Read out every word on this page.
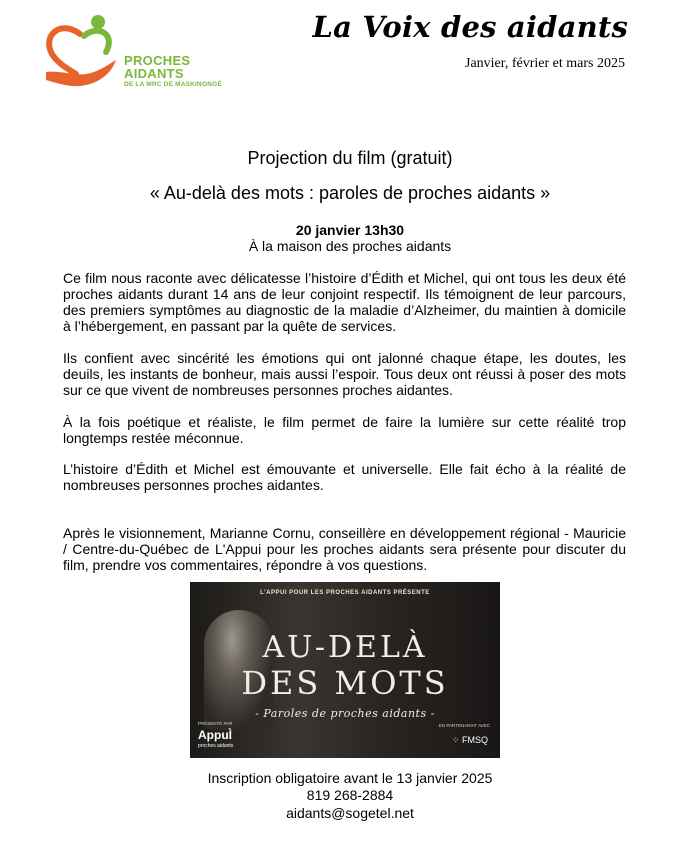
PROCHES
AIDANTS
DE LA MRC DE MASKINONGÉ
La Voix des aidants
Janvier, février et mars 2025
Projection du film (gratuit)
« Au-delà des mots : paroles de proches aidants »
20 janvier 13h30
À la maison des proches aidants
Ce film nous raconte avec délicatesse l’histoire d’Édith et Michel, qui ont tous les deux été proches aidants durant 14 ans de leur conjoint respectif. Ils témoignent de leur parcours, des premiers symptômes au diagnostic de la maladie d’Alzheimer, du maintien à domicile à l’hébergement, en passant par la quête de services.
Ils confient avec sincérité les émotions qui ont jalonné chaque étape, les doutes, les deuils, les instants de bonheur, mais aussi l’espoir. Tous deux ont réussi à poser des mots sur ce que vivent de nombreuses personnes proches aidantes.
À la fois poétique et réaliste, le film permet de faire la lumière sur cette réalité trop longtemps restée méconnue.
L’histoire d’Édith et Michel est émouvante et universelle. Elle fait écho à la réalité de nombreuses personnes proches aidantes.
Après le visionnement, Marianne Cornu, conseillère en développement régional - Mauricie / Centre-du-Québec de L'Appui pour les proches aidants sera présente pour discuter du film, prendre vos commentaires, répondre à vos questions.
L’APPUI POUR LES PROCHES AIDANTS PRÉSENTE
AU-DELÀ
DES MOTS
- Paroles de proches aidants -
PRÉSENTÉ PAR
AppuÌ
proches aidants
EN PARTENARIAT AVEC
⁘ FMSQ
Inscription obligatoire avant le 13 janvier 2025
819 268-2884
aidants@sogetel.net
